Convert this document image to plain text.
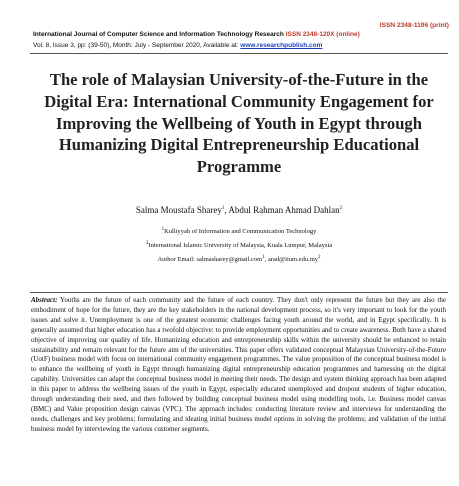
ISSN 2348-1196 (print)
International Journal of Computer Science and Information Technology Research ISSN 2348-120X (online)
Vol. 8, Issue 3, pp: (39-50), Month: July - September 2020, Available at: www.researchpublish.com
The role of Malaysian University-of-the-Future in the Digital Era: International Community Engagement for Improving the Wellbeing of Youth in Egypt through Humanizing Digital Entrepreneurship Educational Programme
Salma Moustafa Sharey$^1$, Abdul Rahman Ahmad Dahlan$^2$
$^1$Kulliyyah of Information and Communication Technology
$^2$International Islamic University of Malaysia, Kuala Lumpur, Malaysia
Author Email: salmasharey@gmail.com$^1$, $arad@iium.edu.my^2$

Abstract: Youths are the future of each community and the future of each country. They don't only represent the future but they are also the embodiment of hope for the future, they are the key stakeholders in the national development process, so it's very important to look for the youth issues and solve it. Unemployment is one of the greatest economic challenges facing youth around the world, and in Egypt specifically. It is generally assumed that higher education has a twofold objective: to provide employment opportunities and to create awareness. Both have a shared objective of improving our quality of life. Humanizing education and entrepreneurship skills within the university should be enhanced to retain sustainability and remain relevant for the future aim of the universities. This paper offers validated conceptual Malaysian University-of-the-Future (UotF) business model with focus on international community engagement programmes. The value proposition of the conceptual business model is to enhance the wellbeing of youth in Egypt through humanizing digital entrepreneurship education programmes and harnessing on the digital capability. Universities can adapt the conceptual business model in meeting their needs. The design and system thinking approach has been adapted in this paper to address the wellbeing issues of the youth in Egypt, especially educated unemployed and dropout students of higher education, through understanding their need, and then followed by building conceptual business model using modelling tools, i.e. Business model canvas (BMC) and Value proposition design canvas (VPC). The approach includes: conducting literature review and interviews for understanding the needs, challenges and key problems; formulating and ideating initial business model options in solving the problems; and validation of the initial business model by interviewing the various customer segments.
